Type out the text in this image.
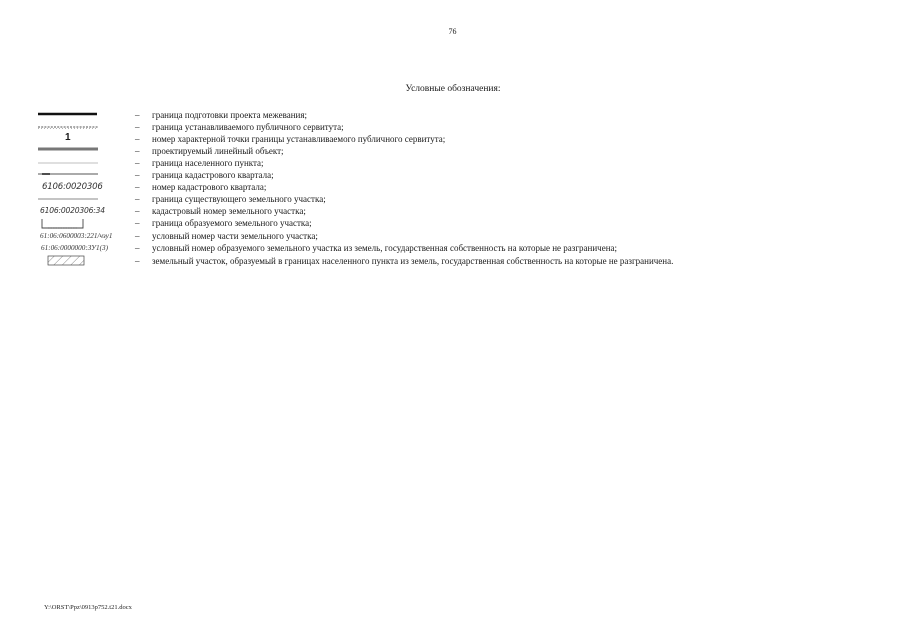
76
Условные обозначения:
– граница подготовки проекта межевания;
– граница устанавливаемого публичного сервитута;
1	– номер характерной точки границы устанавливаемого публичного сервитута;
– проектируемый линейный объект;
– граница населенного пункта;
– граница кадастрового квартала;
6106:0020306	– номер кадастрового квартала;
– граница существующего земельного участка;
6106:0020306:34	– кадастровый номер земельного участка;
– граница образуемого земельного участка;
61:06:0600003:221/чзу1	– условный номер части земельного участка;
61:06:0000000:ЗУ1(3)	– условный номер образуемого земельного участка из земель, государственная собственность на которые не разграничена;
– земельный участок, образуемый в границах населенного пункта из земель, государственная собственность на которые не разграничена.
Y:\ORST\Ppz\0913p752.t21.docx
